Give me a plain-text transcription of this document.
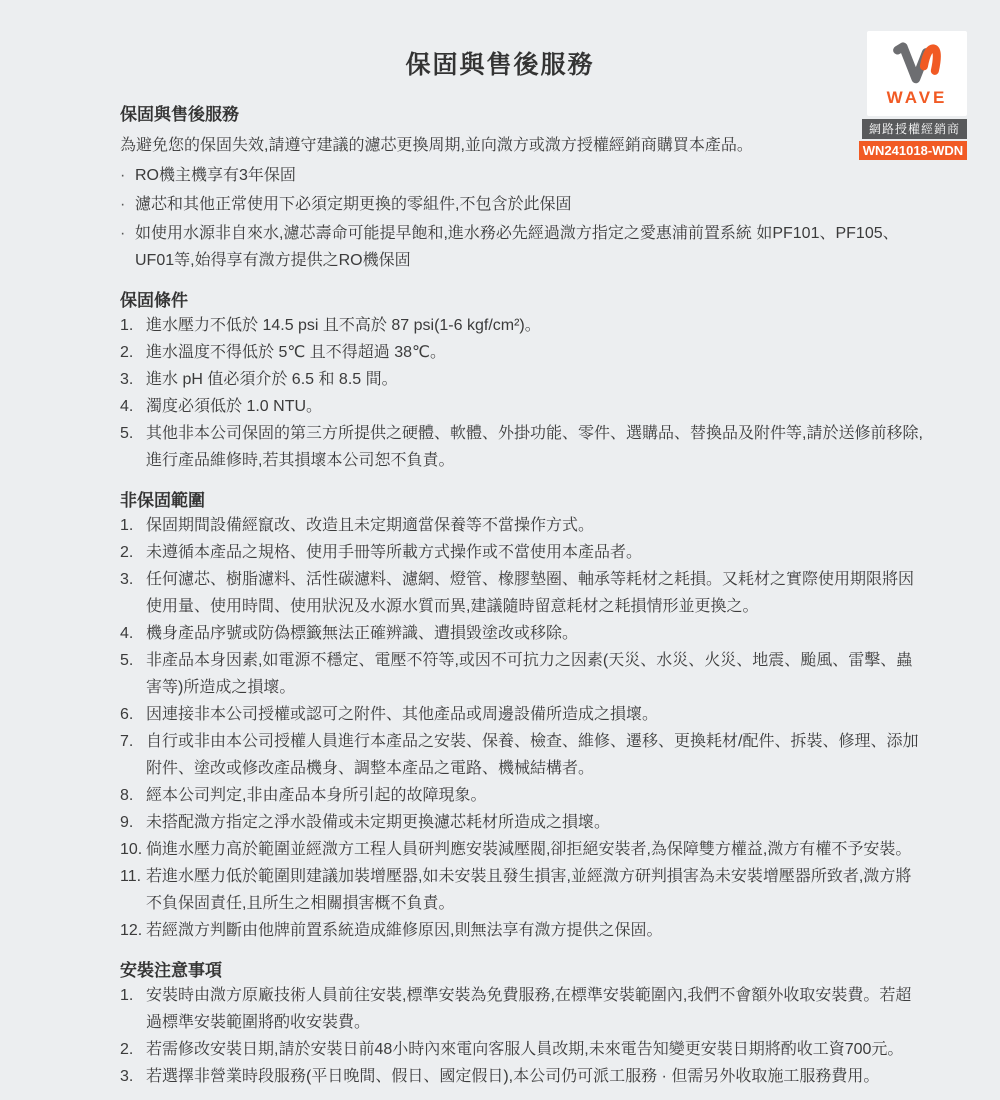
保固與售後服務
WAVE
網路授權經銷商
WN241018-WDN
保固與售後服務

為避免您的保固失效,請遵守建議的濾芯更換周期,並向溦方或溦方授權經銷商購買本產品。

· RO機主機享有3年保固
· 濾芯和其他正常使用下必須定期更換的零組件,不包含於此保固
· 如使用水源非自來水,濾芯壽命可能提早飽和,進水務必先經過溦方指定之愛惠浦前置系統 如PF101、PF105、UF01等,始得享有溦方提供之RO機保固
保固條件
1. 進水壓力不低於 14.5 psi 且不高於 87 psi(1-6 kgf/cm²)。
2. 進水溫度不得低於 5℃ 且不得超過 38℃。
3. 進水 pH 值必須介於 6.5 和 8.5 間。
4. 濁度必須低於 1.0 NTU。
5. 其他非本公司保固的第三方所提供之硬體、軟體、外掛功能、零件、選購品、替換品及附件等,請於送修前移除,進行產品維修時,若其損壞本公司恕不負責。
非保固範圍
1. 保固期間設備經竄改、改造且未定期適當保養等不當操作方式。
2. 未遵循本產品之規格、使用手冊等所載方式操作或不當使用本產品者。
3. 任何濾芯、樹脂濾料、活性碳濾料、濾網、燈管、橡膠墊圈、軸承等耗材之耗損。又耗材之實際使用期限將因使用量、使用時間、使用狀況及水源水質而異,建議隨時留意耗材之耗損情形並更換之。
4. 機身產品序號或防偽標籤無法正確辨識、遭損毀塗改或移除。
5. 非產品本身因素,如電源不穩定、電壓不符等,或因不可抗力之因素(天災、水災、火災、地震、颱風、雷擊、蟲害等)所造成之損壞。
6. 因連接非本公司授權或認可之附件、其他產品或周邊設備所造成之損壞。
7. 自行或非由本公司授權人員進行本產品之安裝、保養、檢查、維修、遷移、更換耗材/配件、拆裝、修理、添加附件、塗改或修改產品機身、調整本產品之電路、機械結構者。
8. 經本公司判定,非由產品本身所引起的故障現象。
9. 未搭配溦方指定之淨水設備或未定期更換濾芯耗材所造成之損壞。
10. 倘進水壓力高於範圍並經溦方工程人員研判應安裝減壓閥,卻拒絕安裝者,為保障雙方權益,溦方有權不予安裝。
11. 若進水壓力低於範圍則建議加裝增壓器,如未安裝且發生損害,並經溦方研判損害為未安裝增壓器所致者,溦方將不負保固責任,且所生之相關損害概不負責。
12. 若經溦方判斷由他牌前置系統造成維修原因,則無法享有溦方提供之保固。
安裝注意事項
1. 安裝時由溦方原廠技術人員前往安裝,標準安裝為免費服務,在標準安裝範圍內,我們不會額外收取安裝費。若超過標準安裝範圍將酌收安裝費。
2. 若需修改安裝日期,請於安裝日前48小時內來電向客服人員改期,未來電告知變更安裝日期將酌收工資700元。
3. 若選擇非營業時段服務(平日晚間、假日、國定假日),本公司仍可派工服務 · 但需另外收取施工服務費用。
